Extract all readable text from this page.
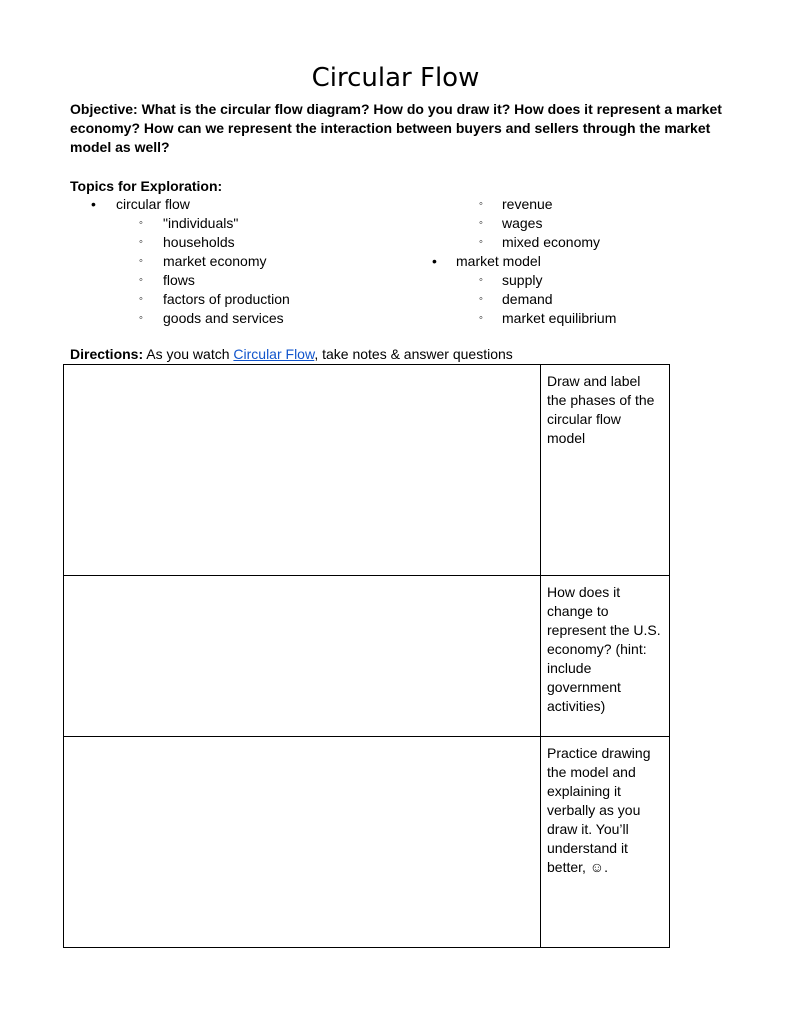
Circular Flow
Objective: What is the circular flow diagram? How do you draw it? How does it represent a market economy? How can we represent the interaction between buyers and sellers through the market model as well?
Topics for Exploration:
• circular flow
◦ "individuals"
◦ households
◦ market economy
◦ flows
◦ factors of production
◦ goods and services
◦ revenue
◦ wages
◦ mixed economy
• market model
◦ supply
◦ demand
◦ market equilibrium
Directions: As you watch Circular Flow, take notes & answer questions

	Draw and label the phases of the circular flow model

	How does it change to represent the U.S. economy? (hint: include government activities)

	Practice drawing the model and explaining it verbally as you draw it. You’ll understand it better, ☺.
